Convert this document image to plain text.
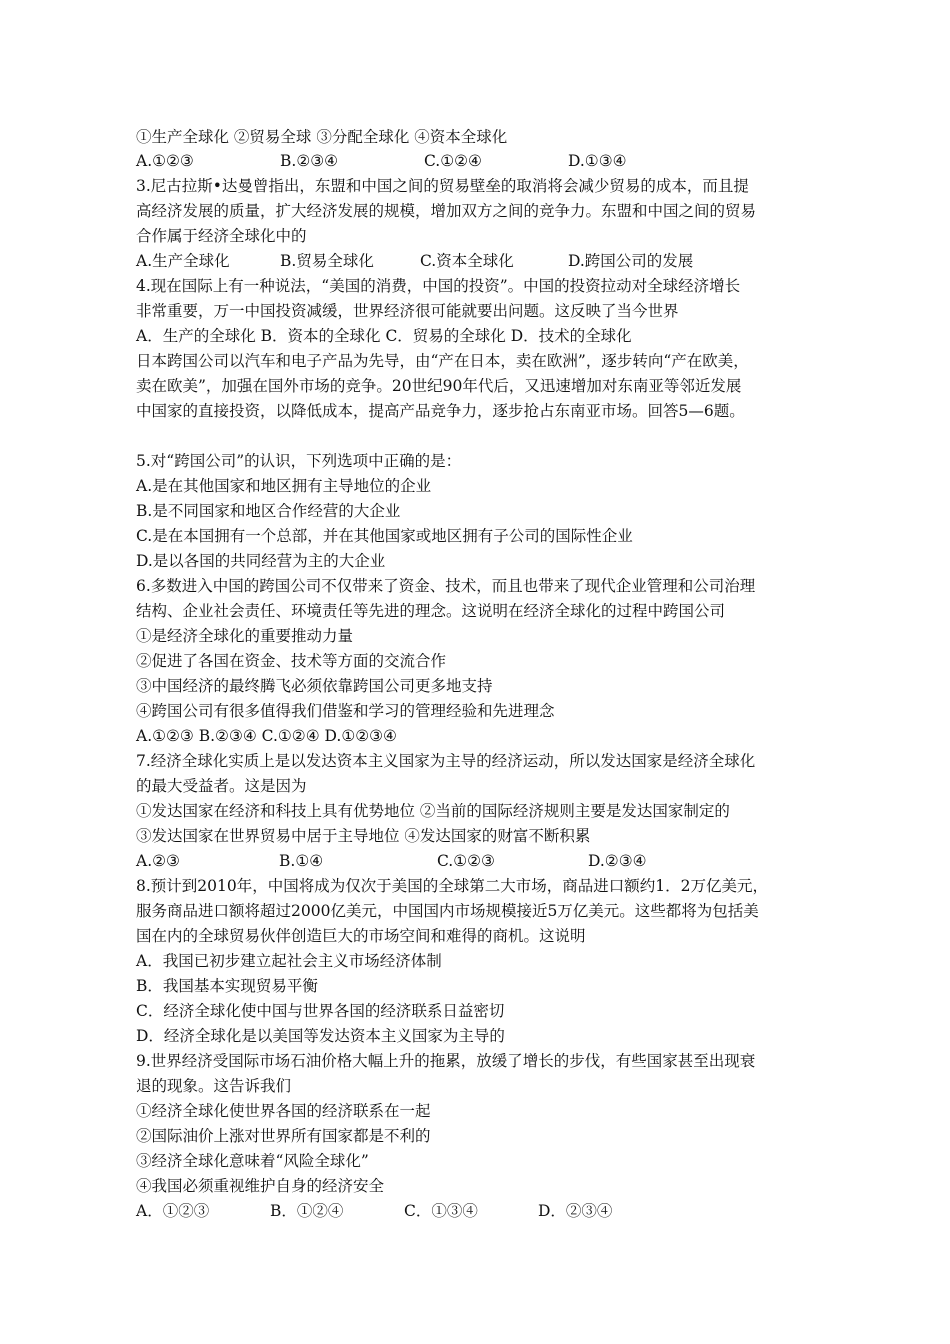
①生产全球化 ②贸易全球 ③分配全球化 ④资本全球化
A.①②③	B.②③④	C.①②④	D.①③④
3.尼古拉斯•达曼曾指出，东盟和中国之间的贸易壁垒的取消将会减少贸易的成本，而且提
高经济发展的质量，扩大经济发展的规模，增加双方之间的竞争力。东盟和中国之间的贸易
合作属于经济全球化中的
A.生产全球化	B.贸易全球化	C.资本全球化	D.跨国公司的发展
4.现在国际上有一种说法，“美国的消费，中国的投资”。中国的投资拉动对全球经济增长
非常重要，万一中国投资减缓，世界经济很可能就要出问题。这反映了当今世界
A．生产的全球化 B．资本的全球化 C．贸易的全球化 D．技术的全球化
日本跨国公司以汽车和电子产品为先导，由“产在日本，卖在欧洲”，逐步转向“产在欧美，
卖在欧美”，加强在国外市场的竞争。20世纪90年代后，又迅速增加对东南亚等邻近发展
中国家的直接投资，以降低成本，提高产品竞争力，逐步抢占东南亚市场。回答5—6题。
5.对“跨国公司”的认识，下列选项中正确的是：
A.是在其他国家和地区拥有主导地位的企业
B.是不同国家和地区合作经营的大企业
C.是在本国拥有一个总部，并在其他国家或地区拥有子公司的国际性企业
D.是以各国的共同经营为主的大企业
6.多数进入中国的跨国公司不仅带来了资金、技术，而且也带来了现代企业管理和公司治理
结构、企业社会责任、环境责任等先进的理念。这说明在经济全球化的过程中跨国公司
①是经济全球化的重要推动力量
②促进了各国在资金、技术等方面的交流合作
③中国经济的最终腾飞必须依靠跨国公司更多地支持
④跨国公司有很多值得我们借鉴和学习的管理经验和先进理念
A.①②③ B.②③④ C.①②④ D.①②③④
7.经济全球化实质上是以发达资本主义国家为主导的经济运动，所以发达国家是经济全球化
的最大受益者。这是因为
①发达国家在经济和科技上具有优势地位 ②当前的国际经济规则主要是发达国家制定的
③发达国家在世界贸易中居于主导地位 ④发达国家的财富不断积累
A.②③	B.①④	C.①②③	D.②③④
8.预计到2010年，中国将成为仅次于美国的全球第二大市场，商品进口额约1．2万亿美元，
服务商品进口额将超过2000亿美元，中国国内市场规模接近5万亿美元。这些都将为包括美
国在内的全球贸易伙伴创造巨大的市场空间和难得的商机。这说明
A．我国已初步建立起社会主义市场经济体制
B．我国基本实现贸易平衡
C．经济全球化使中国与世界各国的经济联系日益密切
D．经济全球化是以美国等发达资本主义国家为主导的
9.世界经济受国际市场石油价格大幅上升的拖累，放缓了增长的步伐，有些国家甚至出现衰
退的现象。这告诉我们
①经济全球化使世界各国的经济联系在一起
②国际油价上涨对世界所有国家都是不利的
③经济全球化意味着“风险全球化”
④我国必须重视维护自身的经济安全
A．①②③	B．①②④	C．①③④	D．②③④
